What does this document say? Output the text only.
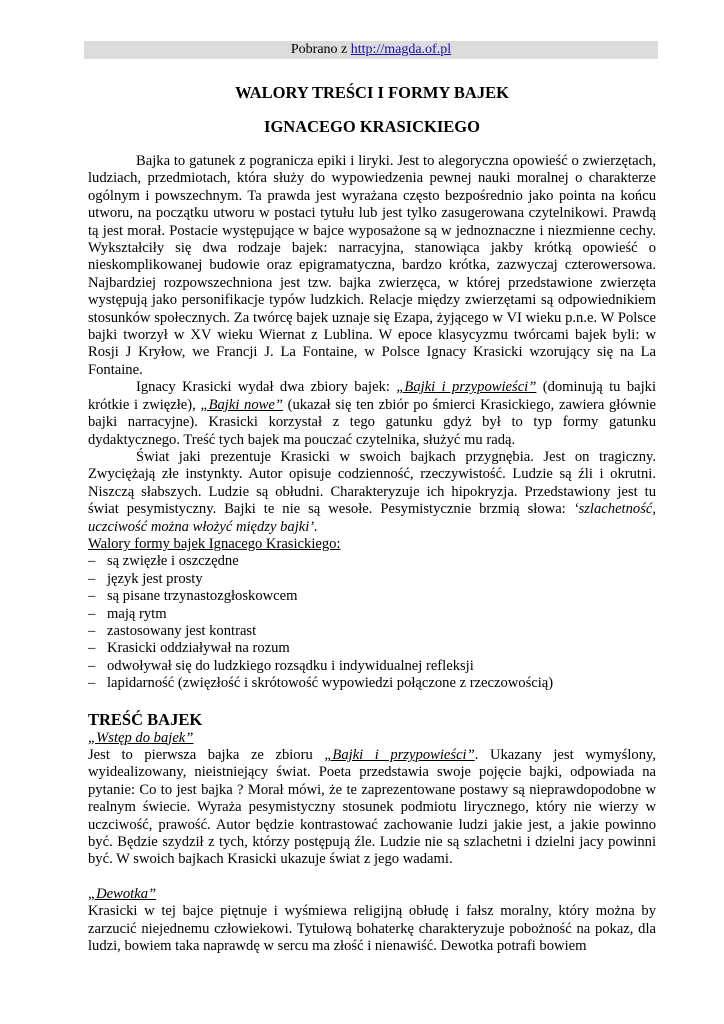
Pobrano z http://magda.of.pl
WALORY TREŚCI I FORMY BAJEK
IGNACEGO KRASICKIEGO

Bajka to gatunek z pogranicza epiki i liryki. Jest to alegoryczna opowieść o zwierzętach, ludziach, przedmiotach, która służy do wypowiedzenia pewnej nauki moralnej o charakterze ogólnym i powszechnym. Ta prawda jest wyrażana często bezpośrednio jako pointa na końcu utworu, na początku utworu w postaci tytułu lub jest tylko zasugerowana czytelnikowi. Prawdą tą jest morał. Postacie występujące w bajce wyposażone są w jednoznaczne i niezmienne cechy. Wykształciły się dwa rodzaje bajek: narracyjna, stanowiąca jakby krótką opowieść o nieskomplikowanej budowie oraz epigramatyczna, bardzo krótka, zazwyczaj czterowersowa. Najbardziej rozpowszechniona jest tzw. bajka zwierzęca, w której przedstawione zwierzęta występują jako personifikacje typów ludzkich. Relacje między zwierzętami są odpowiednikiem stosunków społecznych. Za twórcę bajek uznaje się Ezapa, żyjącego w VI wieku p.n.e. W Polsce bajki tworzył w XV wieku Wiernat z Lublina. W epoce klasycyzmu twórcami bajek byli: w Rosji J Kryłow, we Francji J. La Fontaine, w Polsce Ignacy Krasicki wzorujący się na La Fontaine.

Ignacy Krasicki wydał dwa zbiory bajek: „Bajki i przypowieści” (dominują tu bajki krótkie i zwięzłe), „Bajki nowe” (ukazał się ten zbiór po śmierci Krasickiego, zawiera głównie bajki narracyjne). Krasicki korzystał z tego gatunku gdyż był to typ formy gatunku dydaktycznego. Treść tych bajek ma pouczać czytelnika, służyć mu radą.

Świat jaki prezentuje Krasicki w swoich bajkach przygnębia. Jest on tragiczny. Zwyciężają złe instynkty. Autor opisuje codzienność, rzeczywistość. Ludzie są źli i okrutni. Niszczą słabszych. Ludzie są obłudni. Charakteryzuje ich hipokryzja. Przedstawiony jest tu świat pesymistyczny. Bajki te nie są wesołe. Pesymistycznie brzmią słowa: ‘szlachetność, uczciwość można włożyć między bajki’.

Walory formy bajek Ignacego Krasickiego:

– są zwięzłe i oszczędne
– język jest prosty
– są pisane trzynastozgłoskowcem
– mają rytm
– zastosowany jest kontrast
– Krasicki oddziaływał na rozum
– odwoływał się do ludzkiego rozsądku i indywidualnej refleksji
– lapidarność (zwięzłość i skrótowość wypowiedzi połączone z rzeczowością)
TREŚĆ BAJEK

„Wstęp do bajek”

Jest to pierwsza bajka ze zbioru „Bajki i przypowieści”. Ukazany jest wymyślony, wyidealizowany, nieistniejący świat. Poeta przedstawia swoje pojęcie bajki, odpowiada na pytanie: Co to jest bajka ? Morał mówi, że te zaprezentowane postawy są nieprawdopodobne w realnym świecie. Wyraża pesymistyczny stosunek podmiotu lirycznego, który nie wierzy w uczciwość, prawość. Autor będzie kontrastować zachowanie ludzi jakie jest, a jakie powinno być. Będzie szydził z tych, którzy postępują źle. Ludzie nie są szlachetni i dzielni jacy powinni być. W swoich bajkach Krasicki ukazuje świat z jego wadami.

„Dewotka”

Krasicki w tej bajce piętnuje i wyśmiewa religijną obłudę i fałsz moralny, który można by zarzucić niejednemu człowiekowi. Tytułową bohaterkę charakteryzuje pobożność na pokaz, dla ludzi, bowiem taka naprawdę w sercu ma złość i nienawiść. Dewotka potrafi bowiem
